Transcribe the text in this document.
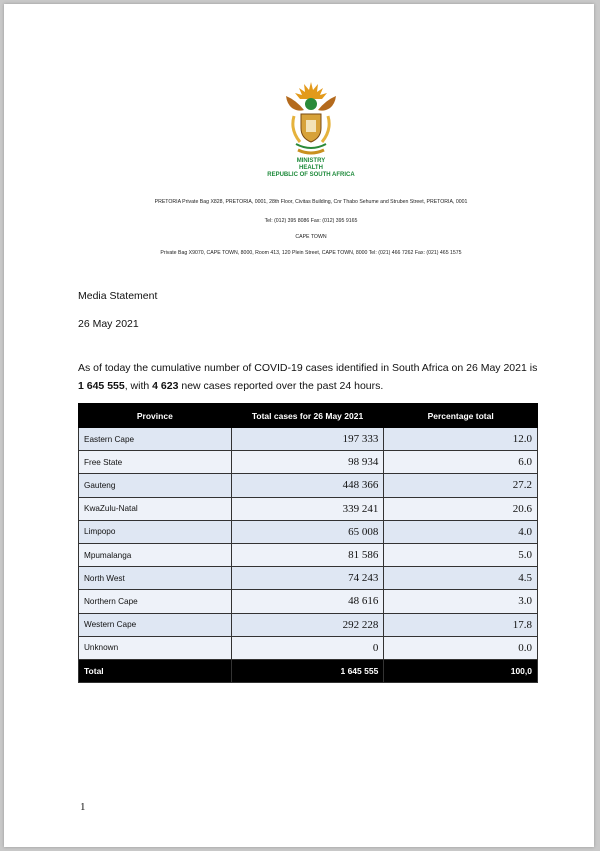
MINISTRY
HEALTH
REPUBLIC OF SOUTH AFRICA
PRETORIA Private Bag X828, PRETORIA, 0001, 28th Floor, Civitas Building, Cnr Thabo Sehume and Struben Street, PRETORIA, 0001
Tel: (012) 395 8086 Fax: (012) 395 9165
CAPE TOWN
Private Bag X9070, CAPE TOWN, 8000, Room 413, 120 Plein Street, CAPE TOWN, 8000 Tel: (021) 466 7262 Fax: (021) 465 1575
Media Statement
26 May 2021
As of today the cumulative number of COVID-19 cases identified in South Africa on 26 May 2021 is
1 645 555, with 4 623 new cases reported over the past 24 hours.
Province	Total cases for 26 May 2021	Percentage total
Eastern Cape	197 333	12.0
Free State	98 934	6.0
Gauteng	448 366	27.2
KwaZulu-Natal	339 241	20.6
Limpopo	65 008	4.0
Mpumalanga	81 586	5.0
North West	74 243	4.5
Northern Cape	48 616	3.0
Western Cape	292 228	17.8
Unknown	0	0.0
Total	1 645 555	100,0
1
